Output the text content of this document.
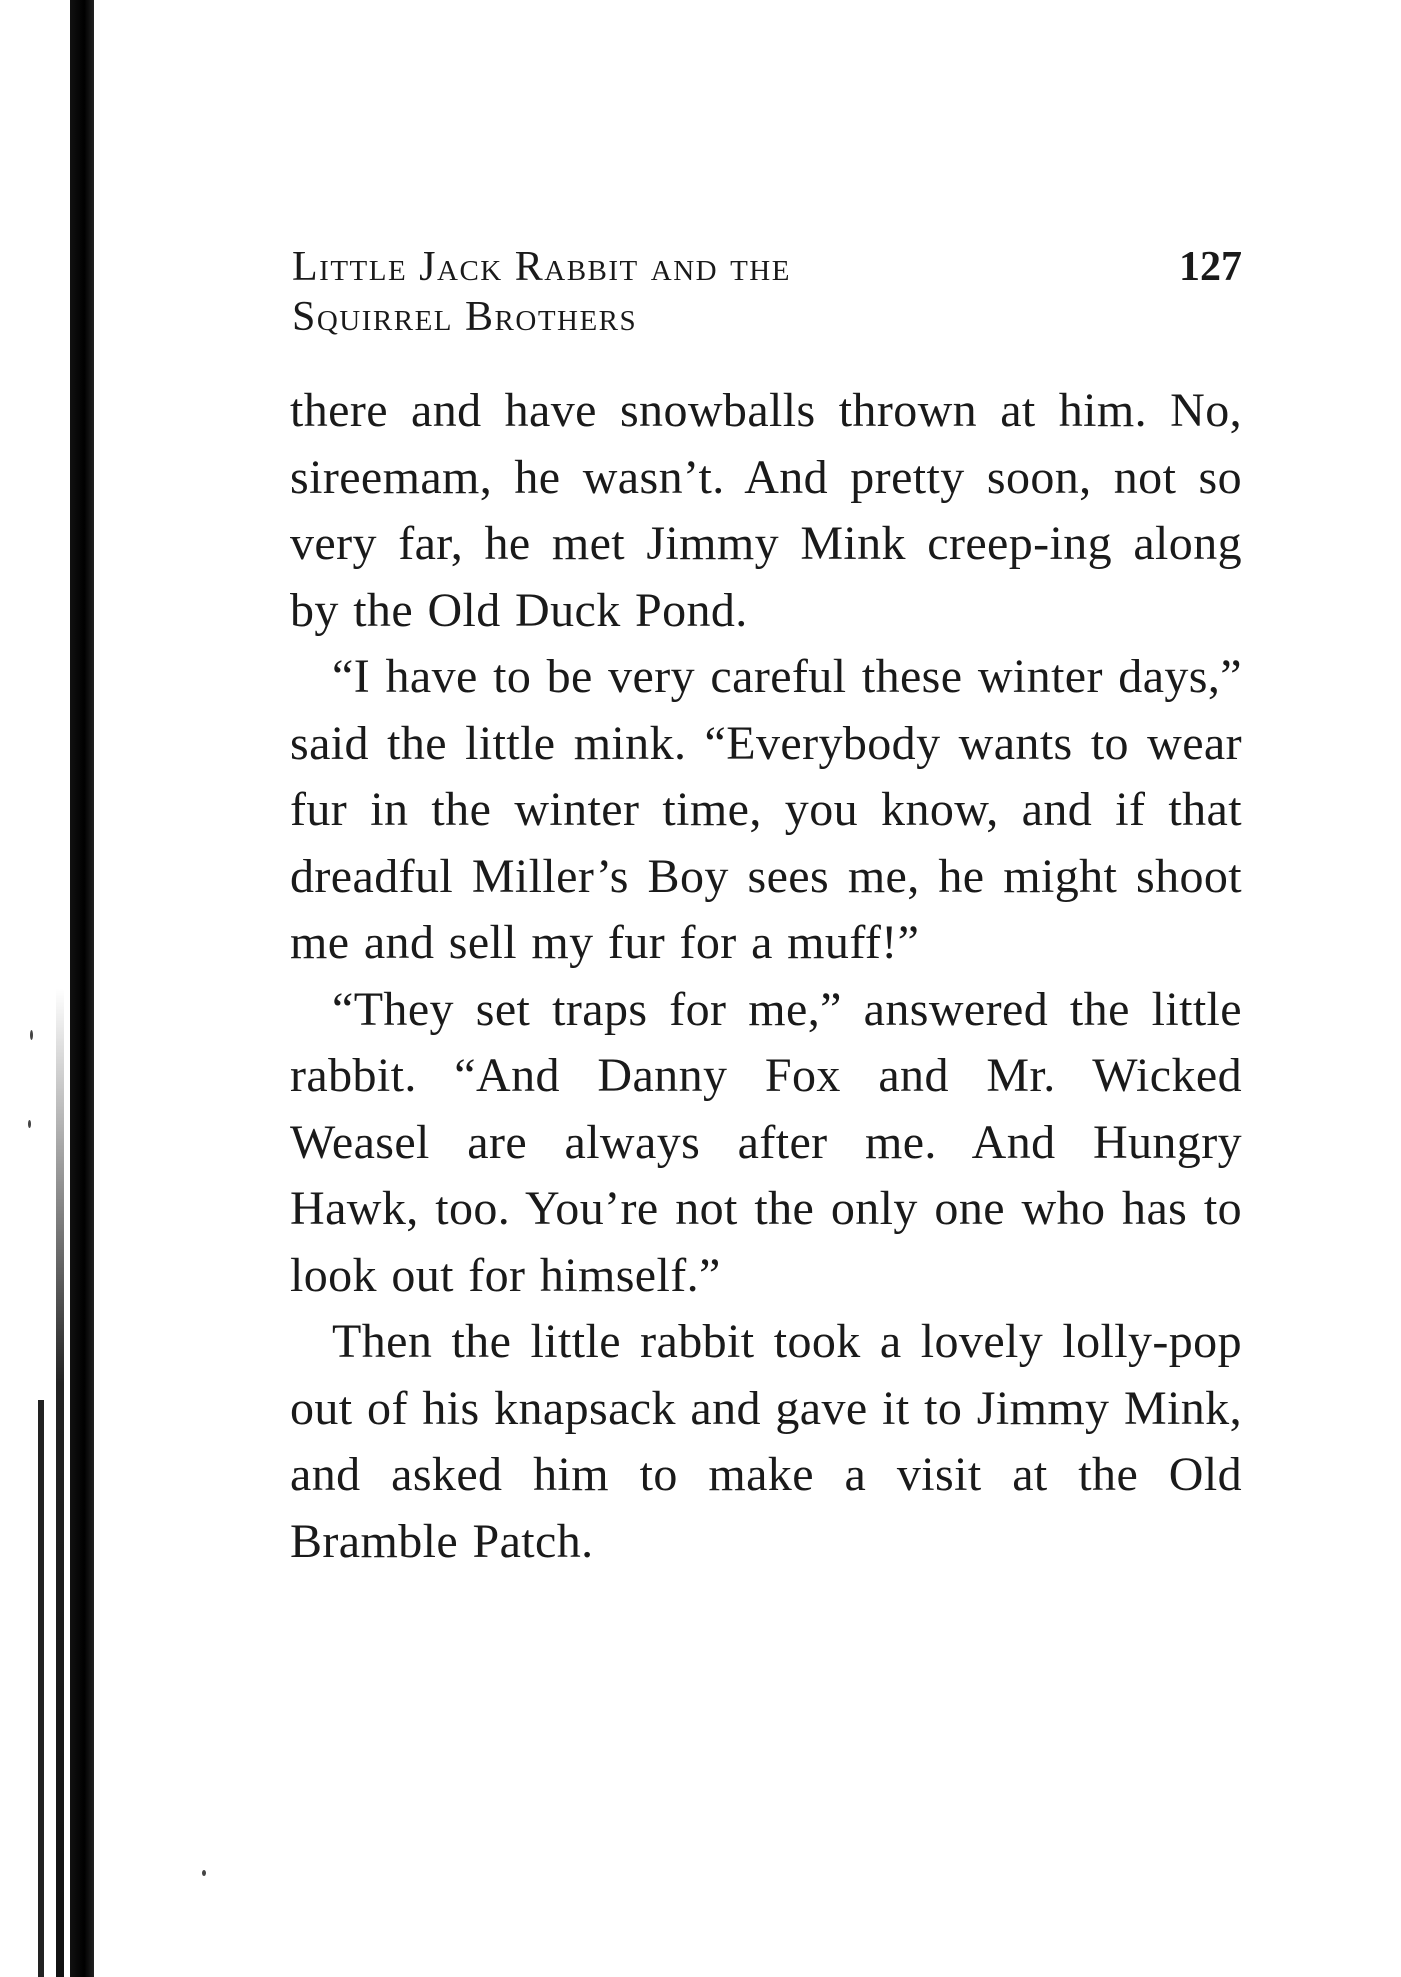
Little Jack Rabbit and the
Squirrel Brothers
127

there and have snowballs thrown at him. No, sireemam, he wasn’t. And pretty soon, not so very far, he met Jimmy Mink creep-ing along by the Old Duck Pond.

“I have to be very careful these winter days,” said the little mink. “Everybody wants to wear fur in the winter time, you know, and if that dreadful Miller’s Boy sees me, he might shoot me and sell my fur for a muff!”

“They set traps for me,” answered the little rabbit. “And Danny Fox and Mr. Wicked Weasel are always after me. And Hungry Hawk, too. You’re not the only one who has to look out for himself.”

Then the little rabbit took a lovely lolly-pop out of his knapsack and gave it to Jimmy Mink, and asked him to make a visit at the Old Bramble Patch.
